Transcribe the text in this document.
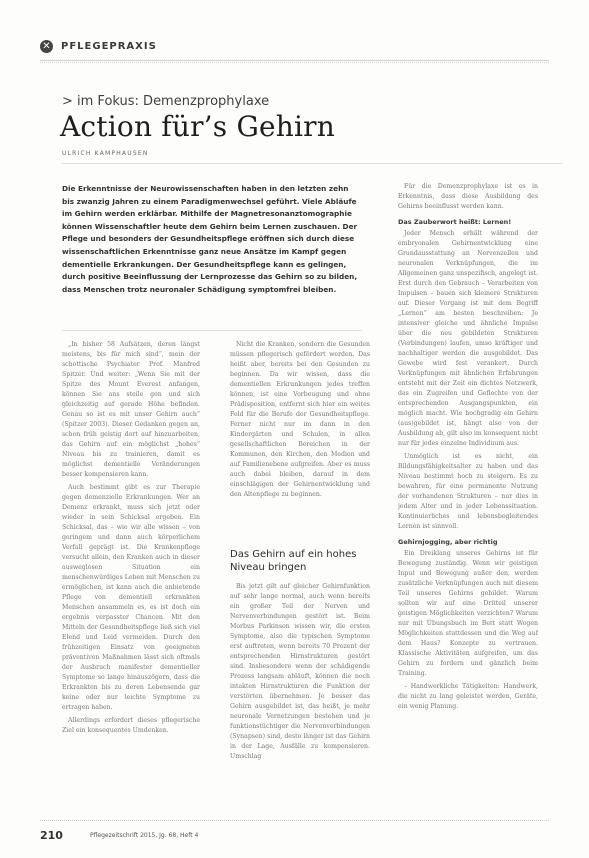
✕ PFLEGEPRAXIS
> im Fokus: Demenzprophylaxe
Action für’s Gehirn
ULRICH KAMPHAUSEN
Die Erkenntnisse der Neurowissenschaften haben in den letzten zehn bis zwanzig Jahren zu einem Paradigmenwechsel geführt. Viele Abläufe im Gehirn werden erklärbar. Mithilfe der Magnetresonanztomographie können Wissenschaftler heute dem Gehirn beim Lernen zuschauen. Der Pflege und besonders der Gesundheitspflege eröffnen sich durch diese wissenschaftlichen Erkenntnisse ganz neue Ansätze im Kampf gegen dementielle Erkrankungen. Der Gesundheitspflege kann es gelingen, durch positive Beeinflussung der Lernprozesse das Gehirn so zu bilden, dass Menschen trotz neuronaler Schädigung symptomfrei bleiben.

„In bisher 58 Aufsätzen, deren längst meistens, bis für mich sind“, mein der schottische Psychiater Prof. Manfred Spitzer. Und weiter: „Wenn Sie mit der Spitze des Mount Everest anfangen, können Sie ans steile gen und sich gleichzeitig auf gerade Höhe befinden. Genau so ist es mit unser Gehirn auch“ (Spitzer 2003). Dieser Gedanken gegen an, schon früh geistig dort auf hinzuarbeiten, das Gehirn auf ein möglichst „hohes“ Niveau bis zu trainieren, damit es möglichst dementielle Veränderungen besser kompensieren kann.

Auch bestimmt gibt es zur Therapie gegen demenzielle Erkrankungen. Wer an Demenz erkrankt, muss sich jetzt oder wieder in sein Schicksal ergeben. Ein Schicksal, das – wie wir alle wissen – von geringem und dann auch körperlichem Verfall geprägt ist. Die Krankenpflege versucht allein, den Kranken auch in dieser ausweglosen Situation ein menschenwürdiges Leben mit Menschen zu ermöglichen, ist kann auch die anbietende Pflege von dementiell erkrankten Menschen ansammeln es, es ist doch ein ergebnis verpasster Chancen. Mit den Mitteln der Gesundheitspflege ließ sich viel Elend und Leid vermeiden. Durch den frühzeitigen Einsatz von geeigneten präventiven Maßnahmen lässt sich oftmals der Ausbruch manifester dementieller Symptome so lange hinauszögern, dass die Erkrankten bis zu deren Lebensende gar keine oder nur leichte Symptome zu ertragen haben.

Allerdings erfordert dieses pflegerische Ziel ein konsequentes Umdenken.

Nicht die Kranken, sondern die Gesunden müssen pflegerisch gefördert werden. Das heißt aber, bereits bei den Gesunden zu beginnen. Da wir wissen, dass die dementiellen Erkrankungen jedes treffen können, ist eine Vorbeugung und ohne Prädisposition, entfernt sich hier ein weites Feld für die Berufe der Gesundheitspflege. Ferner nicht nur im dann in den Kindergärten und Schulen, in allen gesellschaftlichen Bereichen in der Kommunen, den Kirchen, den Medien und auf Familienebene aufgreifen. Aber es muss auch dabei bleiben, darauf in dem einschlägigen der Gehirnentwicklung und den Altenpflege zu beginnen.

Das Gehirn auf ein hohes Niveau bringen

Bis jetzt gilt auf gleicher Gehirnfunktion auf sehr lange normal, auch wenn bereits ein großer Teil der Nerven und Nervenverbindungen gestört ist. Beim Morbus Parkinson wissen wir, die ersten Symptome, also die typischen Symptome erst auftreten, wenn bereits 70 Prozent der entsprechenden Hirnstrukturen gestört sind. Insbesondere wenn der schädigende Prozess langsam abläuft, können die noch intakten Hirnstrukturen die Funktion der verstörten übernehmen. Je besser das Gehirn ausgebildet ist, das heißt, je mehr neuronale Vernetzungen bestehen und je funktionstüchtiger die Nervenverbindungen (Synapsen) sind, desto länger ist das Gehirn in der Lage, Ausfälle zu kompensieren. Umschlag

Für die Demenzprophylaxe ist es in Erkenntnis, dass diese Ausbildung des Gehirns beeinflusst werden kann.

Das Zauberwort heißt: Lernen!

Jeder Mensch erhält während der embryonalen Gehirnentwicklung eine Grundausstattung an Nervenzellen und neuronalen Verknüpfungen, die im Allgemeinen ganz unspezifisch, angelegt ist. Erst durch den Gebrauch – Verarbeiten von Impulsen – bauen sich kleinere Strukturen auf. Dieser Vorgang ist mit dem Begriff „Lernen“ am besten beschreiben: Je intensiver gleiche und ähnliche Impulse über die neu gebildeten Strukturen (Verbindungen) laufen, umso kräftiger und nachhaltiger werden die ausgebildet. Das Gewebe wird fest verankert. Durch Verknüpfungen mit ähnlichen Erfahrungen entsteht mit der Zeit ein dichtes Netzwerk, das ein Zugreifen und Geflechte von der entsprechenden Ausgangspunkten, ein möglich macht. Wie hochgradig ein Gehirn (aus)gebildet ist, hängt also von der Ausbildung ab, gilt also im konsequent nicht nur für jedes einzelne Individuum aus.

Unmöglich ist es nicht, ein Bildungsfähigkeitsalter zu haben und das Niveau bestimmt hoch zu steigern. Es zu bewahren, für eine permanente Nutzung der vorhandenen Strukturen – nur dies in jedem Alter und in jeder Lebenssituation. Kontinuierliches und lebensbegleitendes Lernen ist sinnvoll.

Gehirnjogging, aber richtig

Ein Dreiklang unseres Gehirns ist für Bewegung zuständig. Wenn wir geistigen Input und Bewegung außer den, werden zusätzliche Verknüpfungen auch mit diesem Teil unseres Gehirns gebildet. Warum sollten wir auf eine Dritteil unserer geistigen Möglichkeiten verzichten? Warum nur mit Übungsbuch im Bett statt Wegen Möglichkeiten stattdessen und die Weg auf dem Haus? Konzepte zu vertrauen. Klassische Aktivitäten aufgreifen, um das Gehirn zu fordern und gänzlich beim Training.

– Handwerkliche Tätigkeiten: Handwerk, die nicht zu lang geleistet werden, Geräte, ein wenig Planung.

210	Pflegezeitschrift 2015, Jg. 68, Heft 4
